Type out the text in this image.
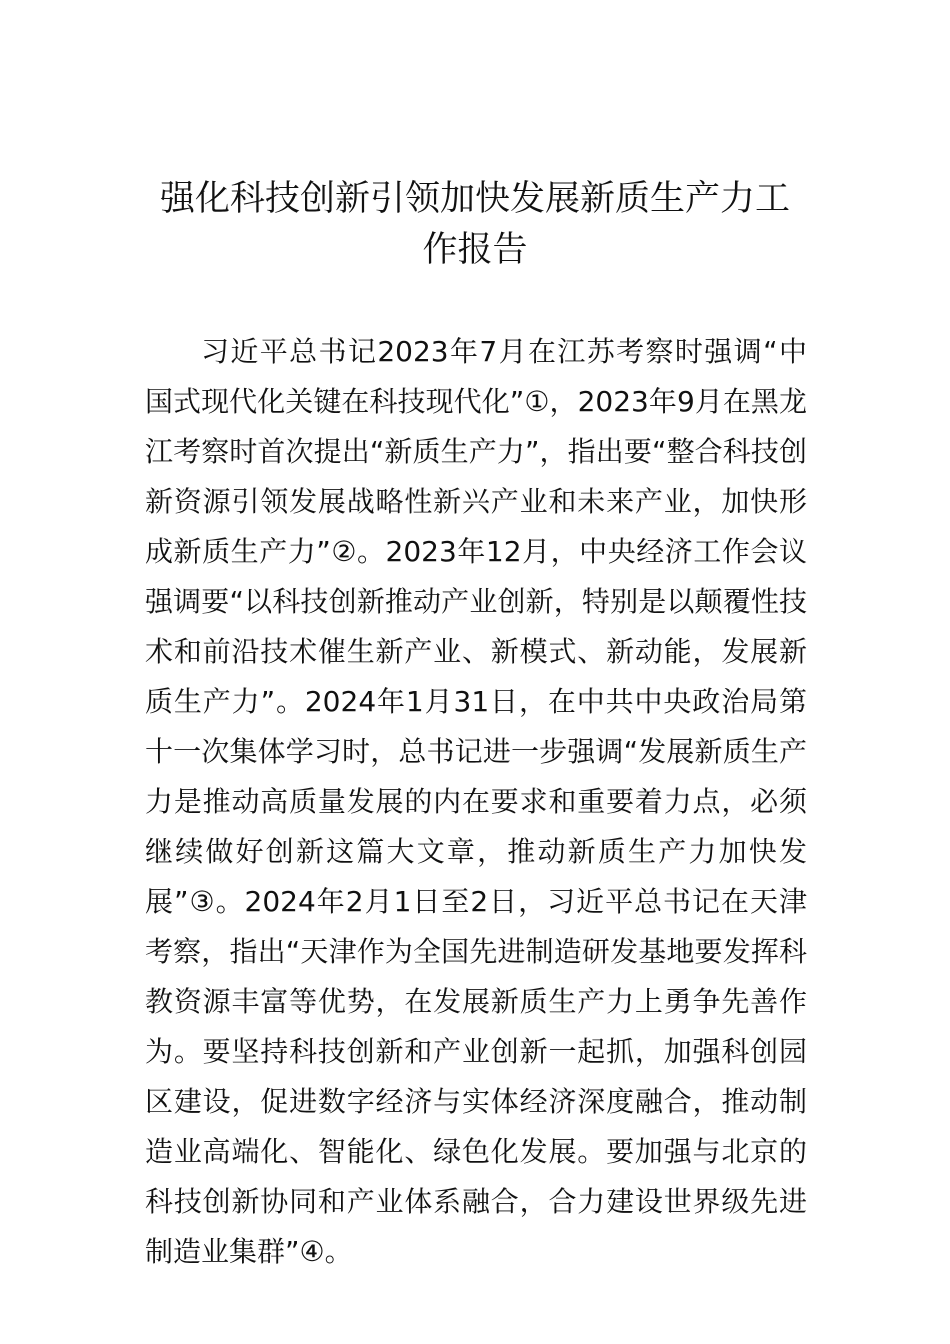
强化科技创新引领加快发展新质生产力工作报告

习近平总书记2023年7月在江苏考察时强调“中国式现代化关键在科技现代化”①，2023年9月在黑龙江考察时首次提出“新质生产力”，指出要“整合科技创新资源引领发展战略性新兴产业和未来产业，加快形成新质生产力”②。2023年12月，中央经济工作会议强调要“以科技创新推动产业创新，特别是以颠覆性技术和前沿技术催生新产业、新模式、新动能，发展新质生产力”。2024年1月31日，在中共中央政治局第十一次集体学习时，总书记进一步强调“发展新质生产力是推动高质量发展的内在要求和重要着力点，必须继续做好创新这篇大文章，推动新质生产力加快发展”③。2024年2月1日至2日，习近平总书记在天津考察，指出“天津作为全国先进制造研发基地要发挥科教资源丰富等优势，在发展新质生产力上勇争先善作为。要坚持科技创新和产业创新一起抓，加强科创园区建设，促进数字经济与实体经济深度融合，推动制造业高端化、智能化、绿色化发展。要加强与北京的科技创新协同和产业体系融合，合力建设世界级先进制造业集群”④。
